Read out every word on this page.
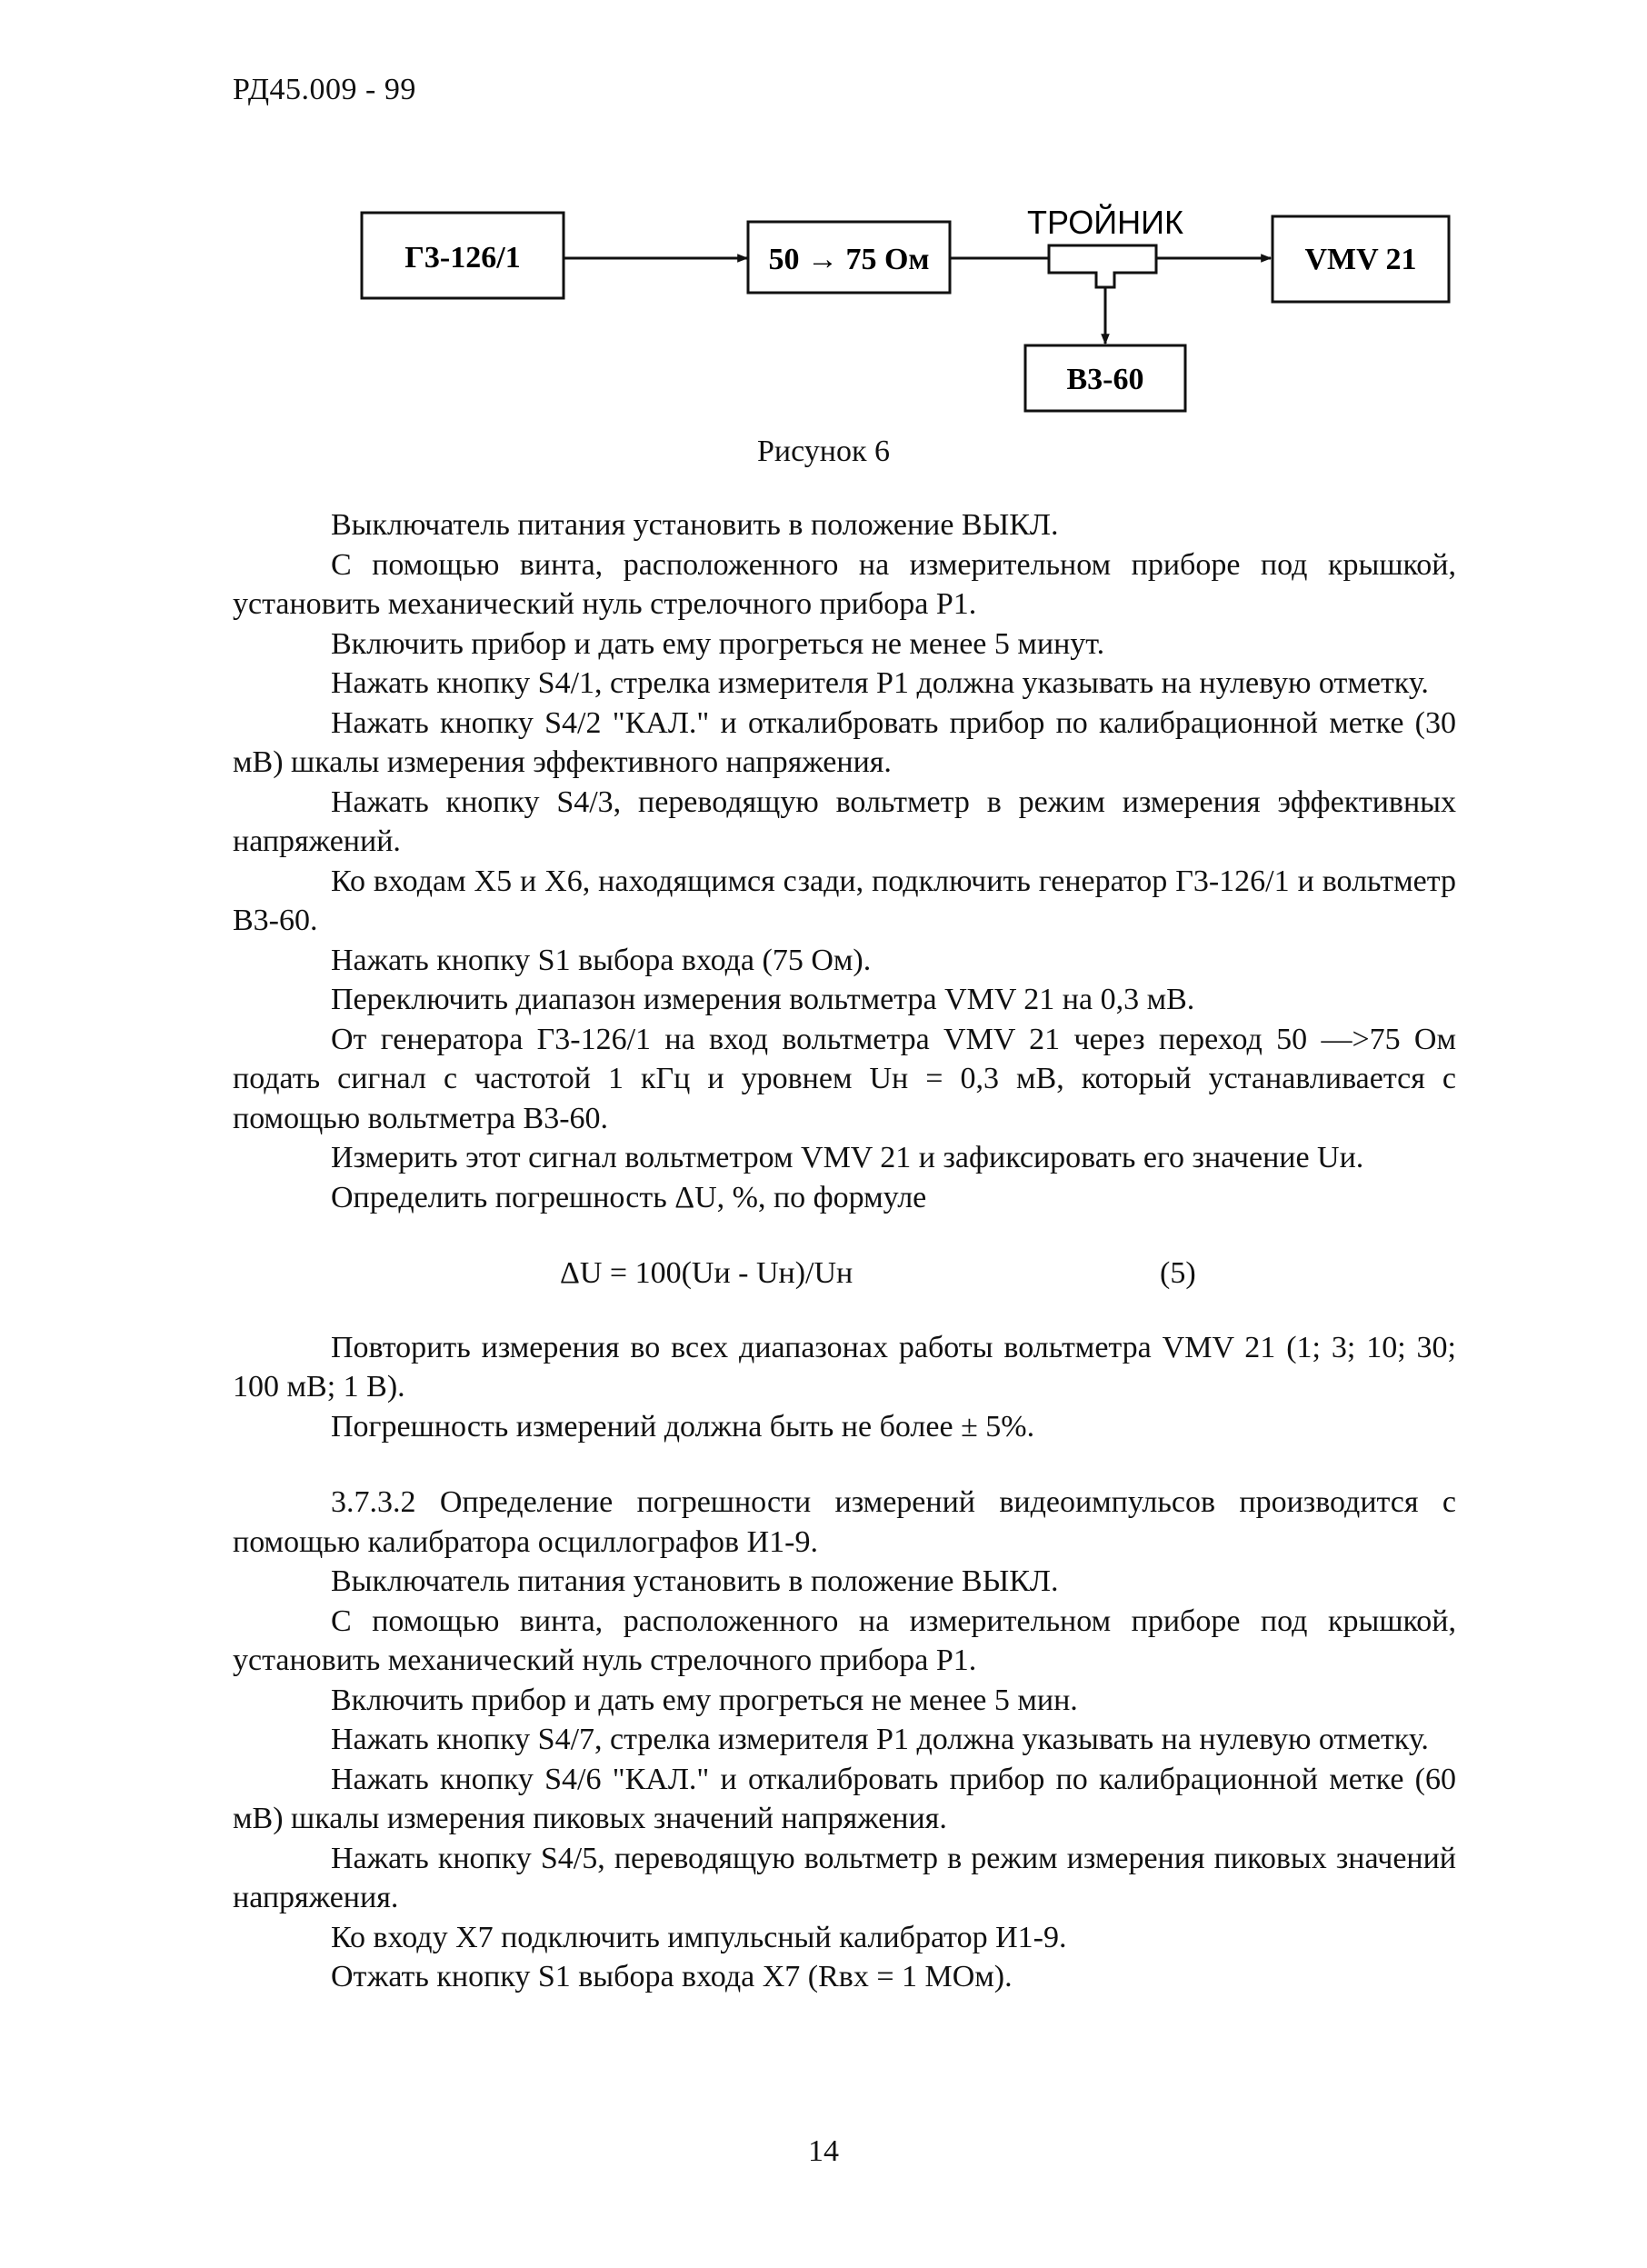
РД45.009 - 99
Г3-126/1	50 → 75 Ом
ТРОЙНИК
VMV 21
В3-60
Рисунок 6

Выключатель питания установить в положение ВЫКЛ.

С помощью винта, расположенного на измерительном приборе под крышкой, установить механический нуль стрелочного прибора Р1.

Включить прибор и дать ему прогреться не менее 5 минут.

Нажать кнопку S4/1, стрелка измерителя Р1 должна указывать на нулевую отметку.

Нажать кнопку S4/2 "КАЛ." и откалибровать прибор по калибрационной метке (30 мВ) шкалы измерения эффективного напряжения.

Нажать кнопку S4/3, переводящую вольтметр в режим измерения эффективных напряжений.

Ко входам Х5 и Х6, находящимся сзади, подключить генератор Г3-126/1 и вольтметр В3-60.

Нажать кнопку S1 выбора входа (75 Ом).

Переключить диапазон измерения вольтметра VMV 21 на 0,3 мВ.

От генератора Г3-126/1 на вход вольтметра VMV 21 через переход 50 —>75 Ом подать сигнал с частотой 1 кГц и уровнем Uн = 0,3 мВ, который устанавливается с помощью вольтметра В3-60.

Измерить этот сигнал вольтметром VMV 21 и зафиксировать его значение Uи.

Определить погрешность ΔU, %, по формуле

ΔU = 100(Uи - Uн)/Uн	(5)

Повторить измерения во всех диапазонах работы вольтметра VMV 21 (1; 3; 10; 30; 100 мВ; 1 В).

Погрешность измерений должна быть не более ± 5%.

3.7.3.2 Определение погрешности измерений видеоимпульсов производится с помощью калибратора осциллографов И1-9.

Выключатель питания установить в положение ВЫКЛ.

С помощью винта, расположенного на измерительном приборе под крышкой, установить механический нуль стрелочного прибора Р1.

Включить прибор и дать ему прогреться не менее 5 мин.

Нажать кнопку S4/7, стрелка измерителя Р1 должна указывать на нулевую отметку.

Нажать кнопку S4/6 "КАЛ." и откалибровать прибор по калибрационной метке (60 мВ) шкалы измерения пиковых значений напряжения.

Нажать кнопку S4/5, переводящую вольтметр в режим измерения пиковых значений напряжения.

Ко входу Х7 подключить импульсный калибратор И1-9.

Отжать кнопку S1 выбора входа Х7 (Rвх = 1 МОм).

14
